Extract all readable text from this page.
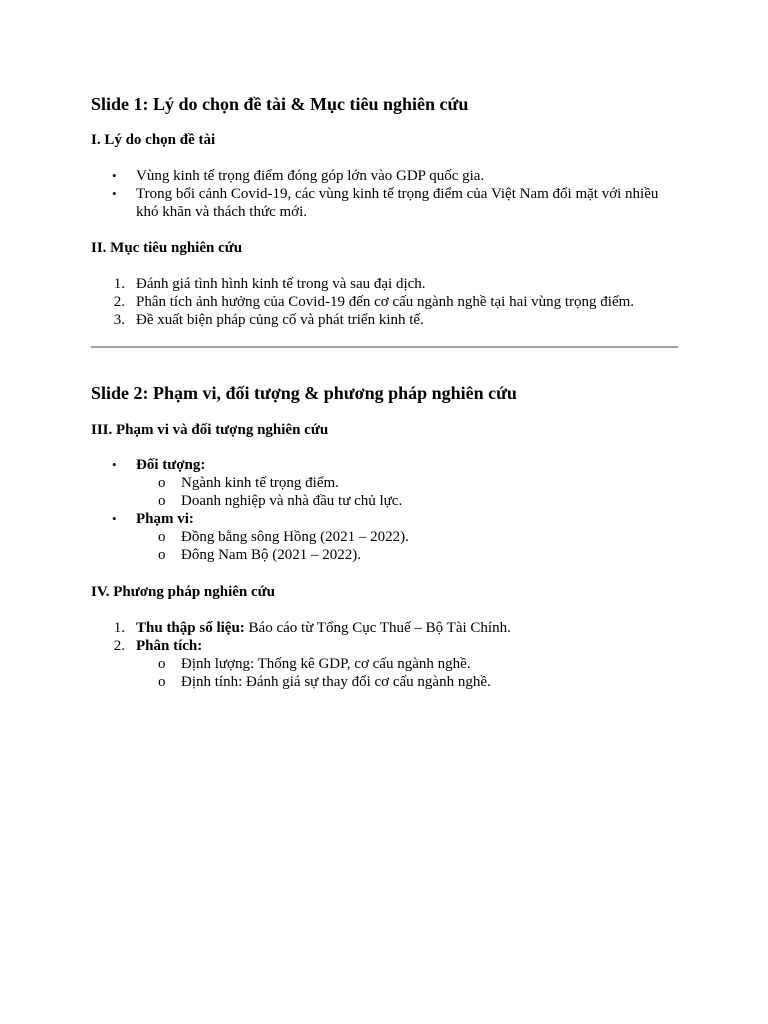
Slide 1: Lý do chọn đề tài & Mục tiêu nghiên cứu
I. Lý do chọn đề tài
• Vùng kinh tế trọng điểm đóng góp lớn vào GDP quốc gia.
• Trong bối cảnh Covid-19, các vùng kinh tế trọng điểm của Việt Nam đối mặt với nhiều khó khăn và thách thức mới.
II. Mục tiêu nghiên cứu
1. Đánh giá tình hình kinh tế trong và sau đại dịch.
2. Phân tích ảnh hưởng của Covid-19 đến cơ cấu ngành nghề tại hai vùng trọng điểm.
3. Đề xuất biện pháp củng cố và phát triển kinh tế.
Slide 2: Phạm vi, đối tượng & phương pháp nghiên cứu
III. Phạm vi và đối tượng nghiên cứu
• Đối tượng:
o Ngành kinh tế trọng điểm.
o Doanh nghiệp và nhà đầu tư chủ lực.
• Phạm vi:
o Đồng bằng sông Hồng (2021 – 2022).
o Đông Nam Bộ (2021 – 2022).
IV. Phương pháp nghiên cứu
1. Thu thập số liệu: Báo cáo từ Tổng Cục Thuế – Bộ Tài Chính.
2. Phân tích:
o Định lượng: Thống kê GDP, cơ cấu ngành nghề.
o Định tính: Đánh giá sự thay đổi cơ cấu ngành nghề.
